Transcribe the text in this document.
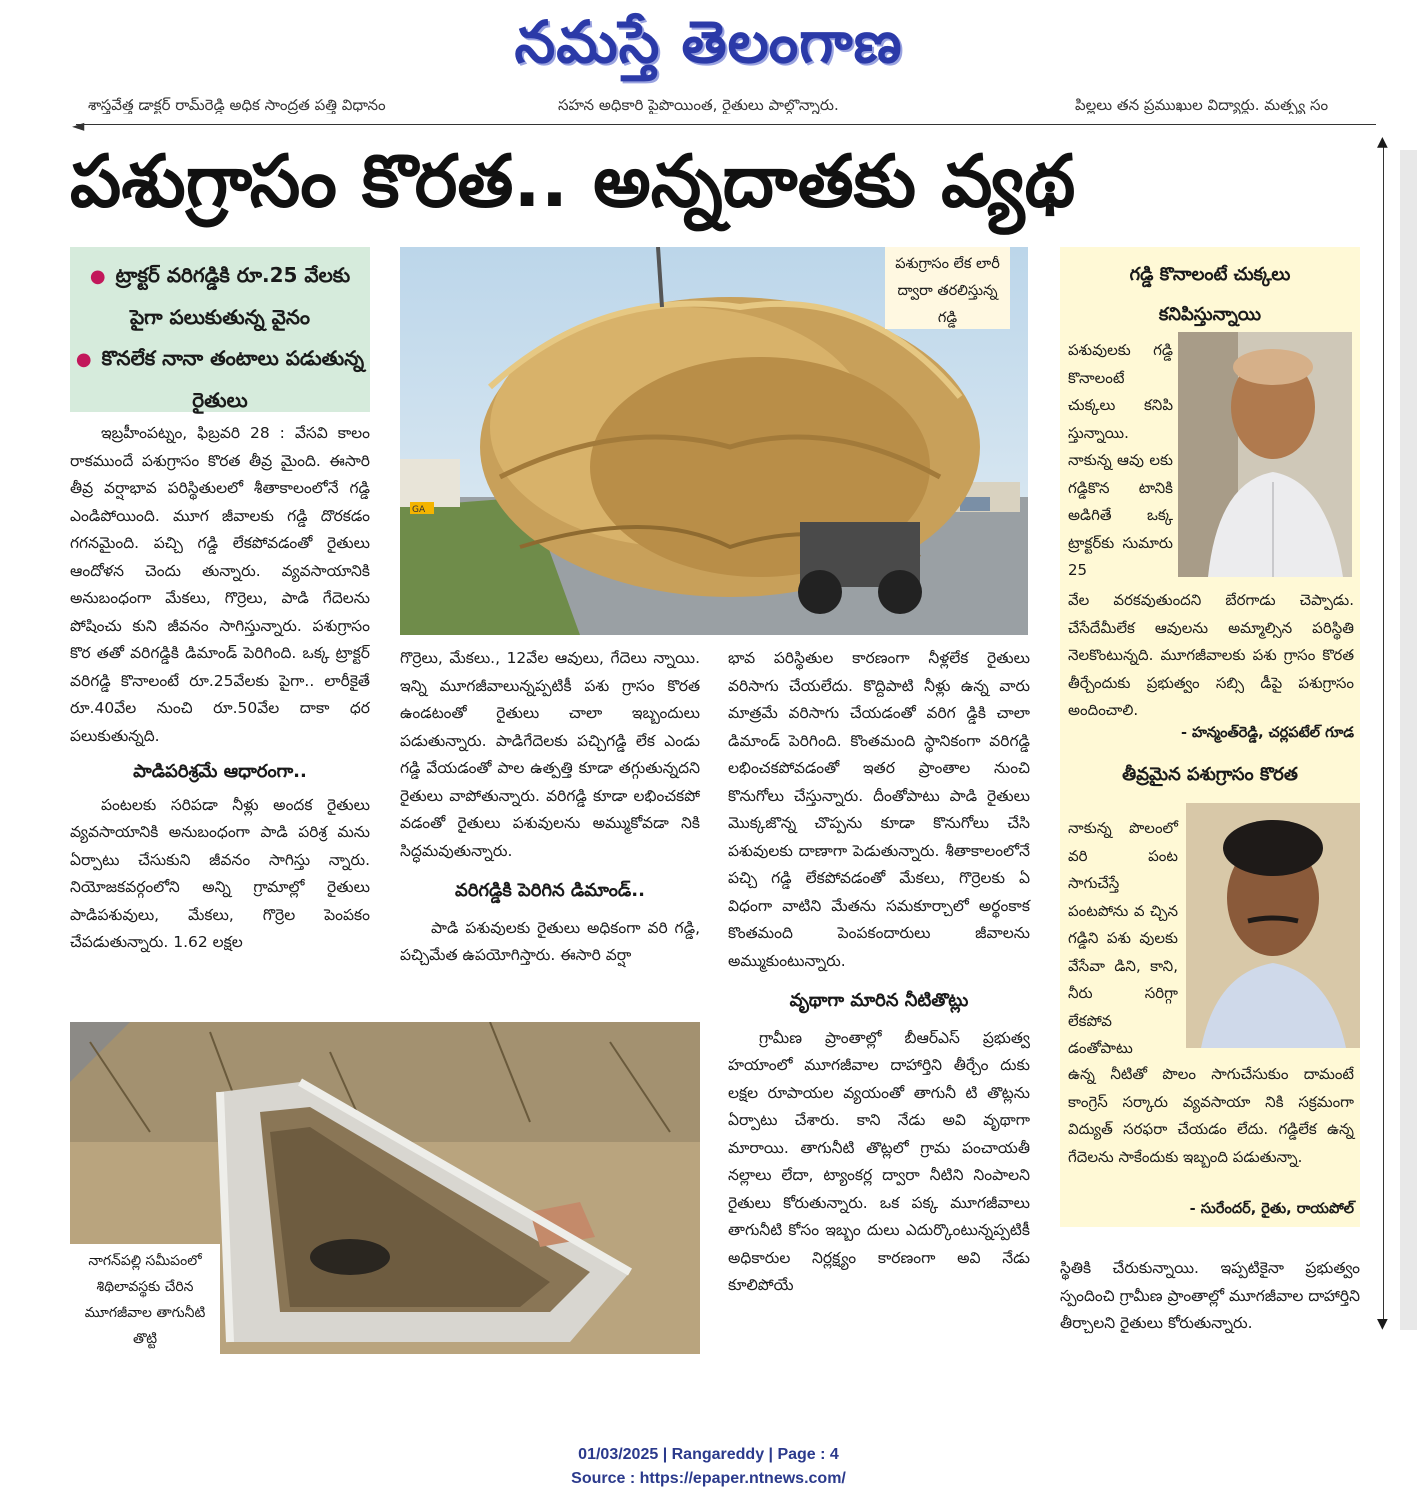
నమస్తే తెలంగాణ
శాస్త్రవేత్త డాక్టర్ రామ్‌రెడ్డి అధిక సాంద్రత పత్తి విధానం	సహన అధికారి పైపొయింత, రైతులు పాల్గొన్నారు.	పిల్లలు తన ప్రముఖుల విద్యార్థు. మత్స్య సం
◄
▲
▼
పశుగ్రాసం కొరత.. అన్నదాతకు వ్యథ

● ట్రాక్టర్ వరిగడ్డికి రూ.25 వేలకు పైగా పలుకుతున్న వైనం

● కొనలేక నానా తంటాలు పడుతున్న రైతులు

ఇబ్రహీంపట్నం, ఫిబ్రవరి 28 : వేసవి కాలం రాకముందే పశుగ్రాసం కొరత తీవ్ర మైంది. ఈసారి తీవ్ర వర్షాభావ పరిస్థితులలో శీతాకాలంలోనే గడ్డి ఎండిపోయింది. మూగ జీవాలకు గడ్డి దొరకడం గగనమైంది. పచ్చి గడ్డి లేకపోవడంతో రైతులు ఆందోళన చెందు తున్నారు. వ్యవసాయానికి అనుబంధంగా మేకలు, గొర్రెలు, పాడి గేదెలను పోషించు కుని జీవనం సాగిస్తున్నారు. పశుగ్రాసం కొర తతో వరిగడ్డికి డిమాండ్ పెరిగింది. ఒక్క ట్రాక్టర్ వరిగడ్డి కొనాలంటే రూ.25వేలకు పైగా.. లారీకైతే రూ.40వేల నుంచి రూ.50వేల దాకా ధర పలుకుతున్నది.

పాడిపరిశ్రమే ఆధారంగా..

పంటలకు సరిపడా నీళ్లు అందక రైతులు వ్యవసాయానికి అనుబంధంగా పాడి పరిశ్ర మను ఏర్పాటు చేసుకుని జీవనం సాగిస్తు న్నారు. నియోజకవర్గంలోని అన్ని గ్రామాల్లో రైతులు పాడిపశువులు, మేకలు, గొర్రెల పెంపకం చేపడుతున్నారు. 1.62 లక్షల

GA
పశుగ్రాసం లేక లారీ ద్వారా తరలిస్తున్న గడ్డి

గొర్రెలు, మేకలు., 12వేల ఆవులు, గేదెలు న్నాయి. ఇన్ని మూగజీవాలున్నప్పటికీ పశు గ్రాసం కొరత ఉండటంతో రైతులు చాలా ఇబ్బందులు పడుతున్నారు. పాడిగేదెలకు పచ్చిగడ్డి లేక ఎండు గడ్డి వేయడంతో పాల ఉత్పత్తి కూడా తగ్గుతున్నదని రైతులు వాపోతున్నారు. వరిగడ్డి కూడా లభించకపో వడంతో రైతులు పశువులను అమ్ముకోవడా నికి సిద్ధమవుతున్నారు.

వరిగడ్డికి పెరిగిన డిమాండ్..

పాడి పశువులకు రైతులు అధికంగా వరి గడ్డి, పచ్చిమేత ఉపయోగిస్తారు. ఈసారి వర్షా

భావ పరిస్థితుల కారణంగా నీళ్లలేక రైతులు వరిసాగు చేయలేదు. కొద్దిపాటి నీళ్లు ఉన్న వారు మాత్రమే వరిసాగు చేయడంతో వరిగ డ్డికి చాలా డిమాండ్ పెరిగింది. కొంతమంది స్థానికంగా వరిగడ్డి లభించకపోవడంతో ఇతర ప్రాంతాల నుంచి కొనుగోలు చేస్తున్నారు. దీంతోపాటు పాడి రైతులు మొక్కజొన్న చొప్పను కూడా కొనుగోలు చేసి పశువులకు దాణాగా పెడుతున్నారు. శీతాకాలంలోనే పచ్చి గడ్డి లేకపోవడంతో మేకలు, గొర్రెలకు ఏ విధంగా వాటిని మేతను సమకూర్చాలో అర్థంకాక కొంతమంది పెంపకందారులు జీవాలను అమ్ముకుంటున్నారు.

వృథాగా మారిన నీటితొట్లు

గ్రామీణ ప్రాంతాల్లో బీఆర్ఎస్ ప్రభుత్వ హయాంలో మూగజీవాల దాహార్తిని తీర్చేం దుకు లక్షల రూపాయల వ్యయంతో తాగునీ టి తొట్లను ఏర్పాటు చేశారు. కాని నేడు అవి వృథాగా మారాయి. తాగునీటి తొట్లలో గ్రామ పంచాయతీ నల్లాలు లేదా, ట్యాంకర్ల ద్వారా నీటిని నింపాలని రైతులు కోరుతున్నారు. ఒక పక్క మూగజీవాలు తాగునీటి కోసం ఇబ్బం దులు ఎదుర్కొంటున్నప్పటికీ అధికారుల నిర్లక్ష్యం కారణంగా అవి నేడు కూలిపోయే

నాగన్‌పల్లి సమీపంలో శిథిలావస్థకు చేరిన మూగజీవాల తాగునీటి తొట్టి
గడ్డి కొనాలంటే చుక్కలు కనిపిస్తున్నాయి
పశువులకు గడ్డి కొనాలంటే చుక్కలు కనిపి స్తున్నాయి. నాకున్న ఆవు లకు గడ్డికొన టానికి అడిగితే ఒక్క ట్రాక్టర్‌కు సుమారు 25
వేల వరకవుతుందని బేరగాడు చెప్పాడు. చేసేదేమీలేక ఆవులను అమ్మాల్సిన పరిస్థితి నెలకొంటున్నది. మూగజీవాలకు పశు గ్రాసం కొరత తీర్చేందుకు ప్రభుత్వం సబ్సి డీపై పశుగ్రాసం అందించాలి.
- హన్మంత్‌రెడ్డి, చర్లపటేల్ గూడ
తీవ్రమైన పశుగ్రాసం కొరత
నాకున్న పొలంలో వరి పంట సాగుచేస్తే పంటపోను వ చ్చిన గడ్డిని పశు వులకు వేసేవా డిని, కాని, నీరు సరిగ్గా లేకపోవ డంతోపాటు
ఉన్న నీటితో పొలం సాగుచేసుకుం దామంటే కాంగ్రెస్ సర్కారు వ్యవసాయా నికి సక్రమంగా విద్యుత్ సరఫరా చేయడం లేదు. గడ్డిలేక ఉన్న గేదెలను సాకేందుకు ఇబ్బంది పడుతున్నా.
- సురేందర్, రైతు, రాయపోల్

స్థితికి చేరుకున్నాయి. ఇప్పటికైనా ప్రభుత్వం స్పందించి గ్రామీణ ప్రాంతాల్లో మూగజీవాల దాహార్తిని తీర్చాలని రైతులు కోరుతున్నారు.

01/03/2025 | Rangareddy | Page : 4
Source : https://epaper.ntnews.com/
